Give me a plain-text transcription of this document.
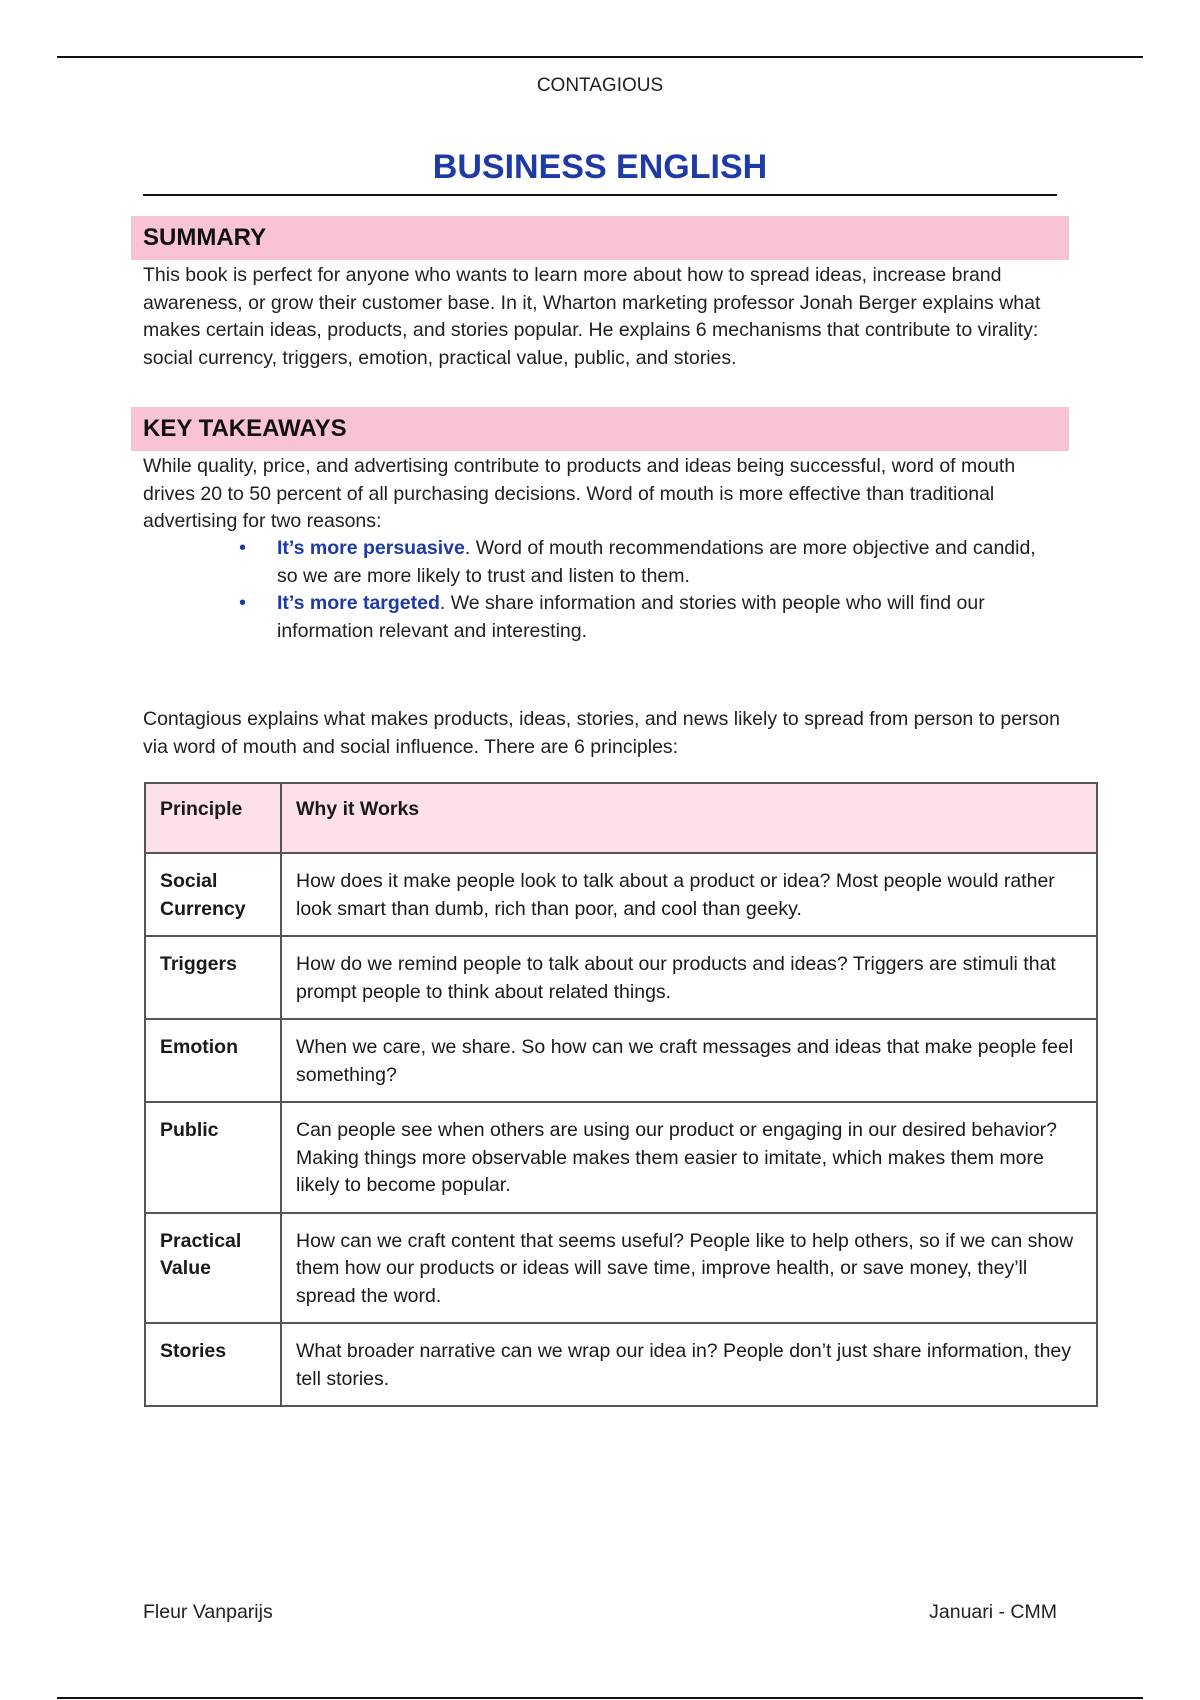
CONTAGIOUS
BUSINESS ENGLISH
SUMMARY
This book is perfect for anyone who wants to learn more about how to spread ideas, increase brand awareness, or grow their customer base. In it, Wharton marketing professor Jonah Berger explains what makes certain ideas, products, and stories popular. He explains 6 mechanisms that contribute to virality: social currency, triggers, emotion, practical value, public, and stories.
KEY TAKEAWAYS
While quality, price, and advertising contribute to products and ideas being successful, word of mouth drives 20 to 50 percent of all purchasing decisions. Word of mouth is more effective than traditional advertising for two reasons:
• It’s more persuasive. Word of mouth recommendations are more objective and candid, so we are more likely to trust and listen to them.
• It’s more targeted. We share information and stories with people who will find our information relevant and interesting.
Contagious explains what makes products, ideas, stories, and news likely to spread from person to person via word of mouth and social influence. There are 6 principles:
Principle	Why it Works
Social Currency	How does it make people look to talk about a product or idea? Most people would rather look smart than dumb, rich than poor, and cool than geeky.
Triggers	How do we remind people to talk about our products and ideas? Triggers are stimuli that prompt people to think about related things.
Emotion	When we care, we share. So how can we craft messages and ideas that make people feel something?
Public	Can people see when others are using our product or engaging in our desired behavior? Making things more observable makes them easier to imitate, which makes them more likely to become popular.
Practical Value	How can we craft content that seems useful? People like to help others, so if we can show them how our products or ideas will save time, improve health, or save money, they’ll spread the word.
Stories	What broader narrative can we wrap our idea in? People don’t just share information, they tell stories.
Fleur Vanparijs	Januari - CMM
